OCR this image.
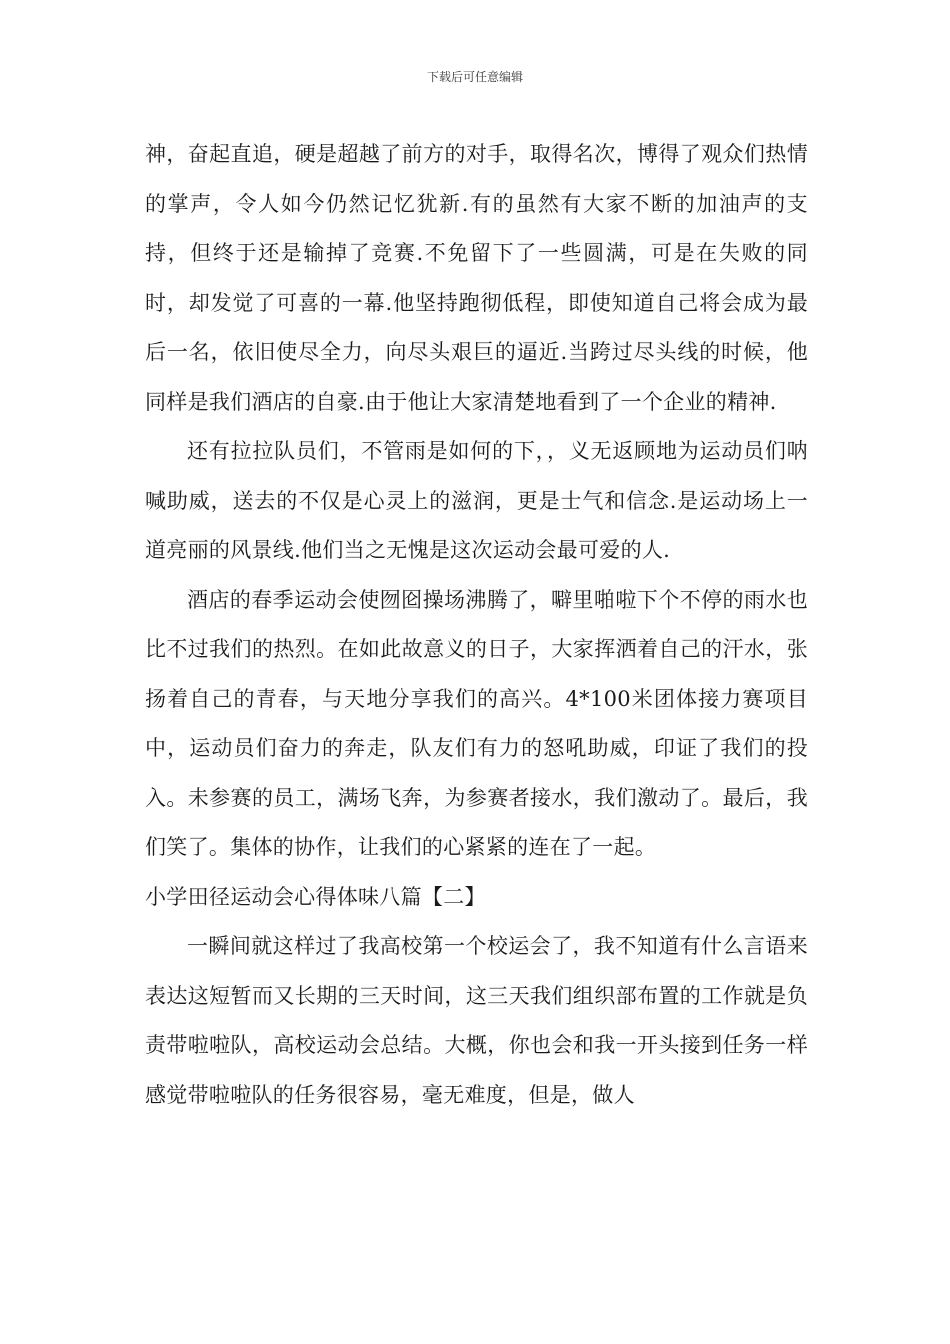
下载后可任意编辑

神，奋起直追，硬是超越了前方的对手，取得名次，博得了观众们热情的掌声，令人如今仍然记忆犹新.有的虽然有大家不断的加油声的支持，但终于还是输掉了竞赛.不免留下了一些圆满，可是在失败的同时，却发觉了可喜的一幕.他坚持跑彻低程，即使知道自己将会成为最后一名，依旧使尽全力，向尽头艰巨的逼近.当跨过尽头线的时候，他同样是我们酒店的自豪.由于他让大家清楚地看到了一个企业的精神.

还有拉拉队员们，不管雨是如何的下，，义无返顾地为运动员们呐喊助威，送去的不仅是心灵上的滋润，更是士气和信念.是运动场上一道亮丽的风景线.他们当之无愧是这次运动会最可爱的人.

酒店的春季运动会使囫囵操场沸腾了，噼里啪啦下个不停的雨水也比不过我们的热烈。在如此故意义的日子，大家挥洒着自己的汗水，张扬着自己的青春，与天地分享我们的高兴。4*100米团体接力赛项目中，运动员们奋力的奔走，队友们有力的怒吼助威，印证了我们的投入。未参赛的员工，满场飞奔，为参赛者接水，我们激动了。最后，我们笑了。集体的协作，让我们的心紧紧的连在了一起。

小学田径运动会心得体味八篇【二】

一瞬间就这样过了我高校第一个校运会了，我不知道有什么言语来表达这短暂而又长期的三天时间，这三天我们组织部布置的工作就是负责带啦啦队，高校运动会总结。大概，你也会和我一开头接到任务一样感觉带啦啦队的任务很容易，毫无难度，但是，做人
